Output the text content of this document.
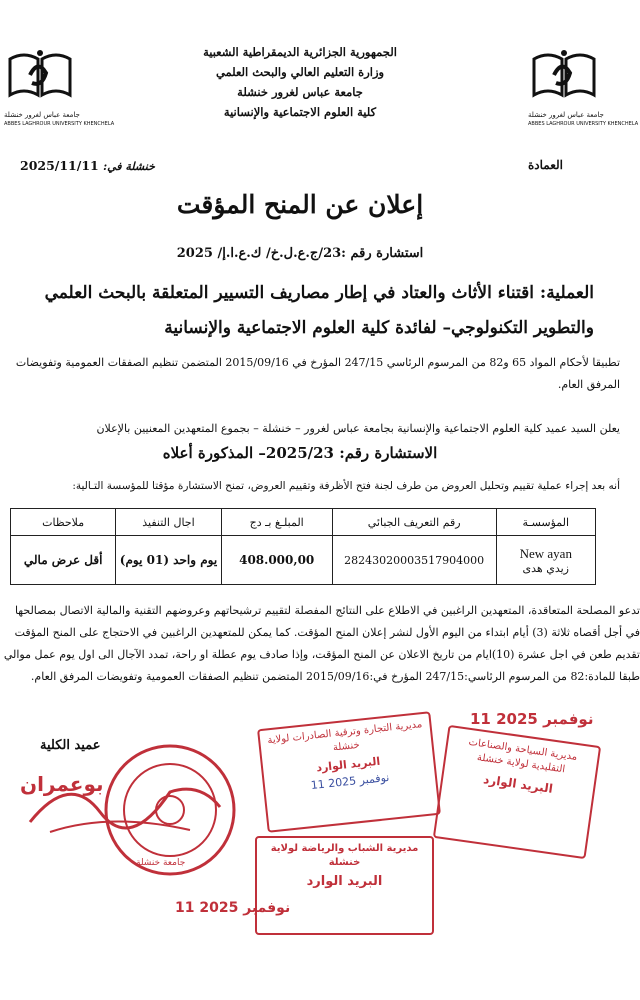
جامعة عباس لغرور خنشلة
ABBES LAGHROUR UNIVERSITY KHENCHELA
جامعة عباس لغرور خنشلة
ABBES LAGHROUR UNIVERSITY KHENCHELA
الجمهورية الجزائرية الديمقراطية الشعبية
وزارة التعليم العالي والبحث العلمي
جامعة عباس لغرور خنشلة
كلية العلوم الاجتماعية والإنسانية
العمادة
خنشلة في: 2025/11/11
إعلان عن المنح المؤقت
استشارة رقم :23/ج.ع.ل.خ/ ك.ع.ا.إ/ 2025
العملية: اقتناء الأثاث والعتاد في إطار مصاريف التسيير المتعلقة بالبحث العلمي
والتطوير التكنولوجي– لفائدة كلية العلوم الاجتماعية والإنسانية
تطبيقا لأحكام المواد 65 و82 من المرسوم الرئاسي 247/15 المؤرخ في 2015/09/16 المتضمن تنظيم الصفقات العمومية وتفويضات المرفق العام.
يعلن السيد عميد كلية العلوم الاجتماعية والإنسانية بجامعة عباس لغرور – خنشلة – بجموع المتعهدين المعنيين بالإعلان
الاستشارة رقم: 2025/23– المذكورة أعلاه
أنه بعد إجراء عملية تقييم وتحليل العروض من طرف لجنة فتح الأظرفة وتقييم العروض، تمنح الاستشارة مؤقتا للمؤسسة التـالية:
المؤسسـة	رقم التعريف الجبائي	المبلـغ بـ دج	اجال التنفيذ	ملاحظات

New ayan
زيدي هدى	28243020003517904000	408.000,00	يوم واحد (01 يوم)	أقل عرض مالي
تدعو المصلحة المتعاقدة، المتعهدين الراغبين في الاطلاع على النتائج المفصلة لتقييم ترشيحاتهم وعروضهم التقنية والمالية الاتصال بمصالحها في أجل أقصاه ثلاثة (3) أيام ابتداء من اليوم الأول لنشر إعلان المنح المؤقت. كما يمكن للمتعهدين الراغبين في الاحتجاج على المنح المؤقت تقديم طعن في اجل عشرة (10)ايام من تاريخ الاعلان عن المنح المؤقت، وإذا صادف يوم عطلة او راحة، تمدد الآجال الى اول يوم عمل موالي طبقا للمادة:82 من المرسوم الرئاسي:247/15 المؤرخ في:2015/09/16 المتضمن تنظيم الصفقات العمومية وتفويضات المرفق العام.
عميد الكلية
جامعة خنشلة
بوعمران
11 نوفمبر 2025
مديرية التجارة وترقية الصادرات لولاية خنشلة
البريد الوارد
11 نوفمبر 2025
مديرية السياحة والصناعات التقليدية لولاية خنشلة
البريد الوارد
مديرية الشباب والرياضة لولاية خنشلة
البريد الوارد
11 نوفمبر 2025
